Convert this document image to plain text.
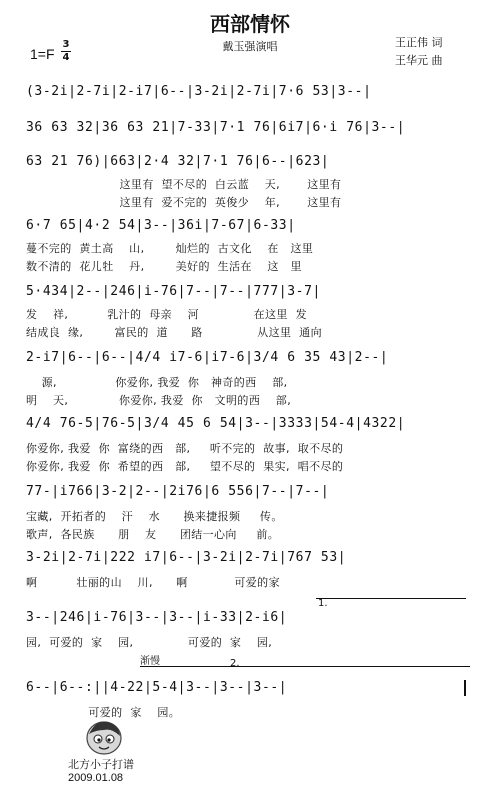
西部情怀
戴玉强演唱
1=F
3
4
王正伟 词
王华元 曲
(3-2i|2-7i|2-i7|6--|3-2i|2-7i|7·6 53|3--|
36 63 32|36 63 21|7-33|7·1 76|6i7|6·i 76|3--|
63 21 76)|663|2·4 32|7·1 76|6--|623|
这里有  望不尽的  白云蓝    天,       这里有
这里有  爱不完的  英俊少    年,       这里有
6·7 65|4·2 54|3--|36i|7-67|6-33|
蔓不完的  黄土高    山,        灿烂的  古文化    在   这里
数不清的  花儿牡    丹,        美好的  生活在    这   里
5·434|2--|246|i-76|7--|7--|777|3-7|
发    祥,          乳汁的  母亲    河              在这里  发
结成良  缘,        富民的  道      路              从这里  通向
2-i7|6--|6--|4/4 i7-6|i7-6|3/4 6 35 43|2--|
源,               你爱你, 我爱  你   神奇的西    部,
明    天,             你爱你, 我爱  你   文明的西    部,
4/4 76-5|76-5|3/4 45 6 54|3--|3333|54-4|4322|
你爱你, 我爱  你  富绕的西   部,     听不完的  故事,  取不尽的
你爱你, 我爱  你  希望的西   部,     望不尽的  果实,  唱不尽的
77-|i766|3-2|2--|2i76|6 556|7--|7--|
宝藏,  开拓者的    汗    水      换来捷报频     传。
歌声,  各民族      朋    友      团结一心向     前。
3-2i|2-7i|222 i7|6--|3-2i|2-7i|767 53|
啊          壮丽的山    川,      啊            可爱的家
1.
3--|246|i-76|3--|3--|i-33|2-i6|
园,  可爱的  家    园,              可爱的  家    园,
渐慢	2.
6--|6--:||4-22|5-4|3--|3--|3--|
可爱的  家    园。
北方小子打谱
2009.01.08
